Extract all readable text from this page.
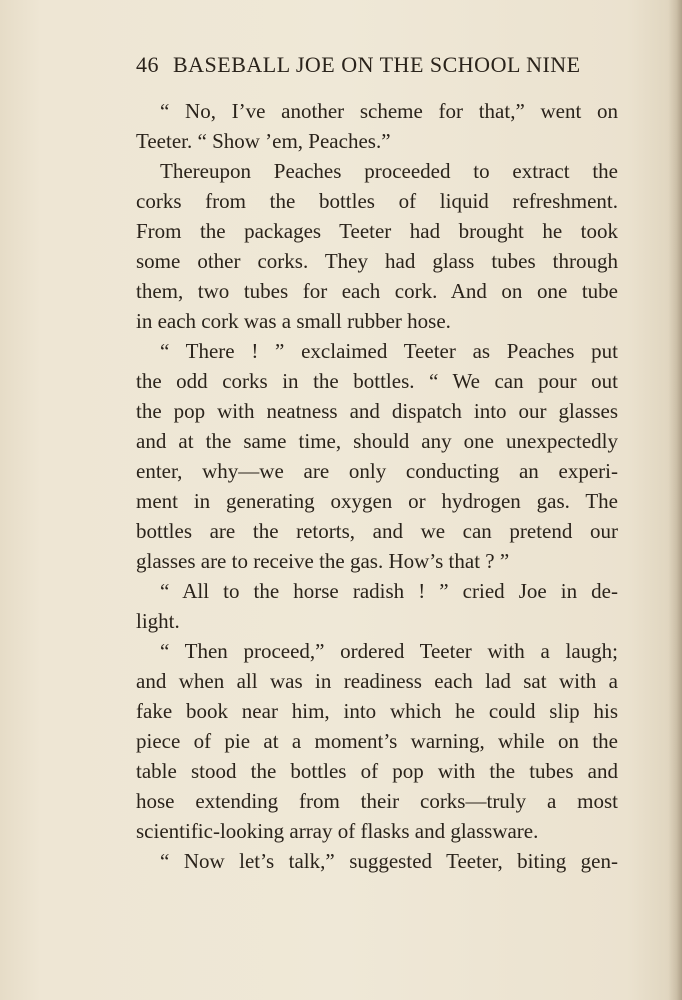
46 BASEBALL JOE ON THE SCHOOL NINE
“ No, I’ve another scheme for that,” went on
Teeter. “ Show ’em, Peaches.”
Thereupon Peaches proceeded to extract the
corks from the bottles of liquid refreshment.
From the packages Teeter had brought he took
some other corks. They had glass tubes through
them, two tubes for each cork. And on one tube
in each cork was a small rubber hose.
“ There ! ” exclaimed Teeter as Peaches put
the odd corks in the bottles. “ We can pour out
the pop with neatness and dispatch into our glasses
and at the same time, should any one unexpectedly
enter, why—we are only conducting an experi-
ment in generating oxygen or hydrogen gas. The
bottles are the retorts, and we can pretend our
glasses are to receive the gas. How’s that ? ”
“ All to the horse radish ! ” cried Joe in de-
light.
“ Then proceed,” ordered Teeter with a laugh;
and when all was in readiness each lad sat with a
fake book near him, into which he could slip his
piece of pie at a moment’s warning, while on the
table stood the bottles of pop with the tubes and
hose extending from their corks—truly a most
scientific-looking array of flasks and glassware.
“ Now let’s talk,” suggested Teeter, biting gen-
